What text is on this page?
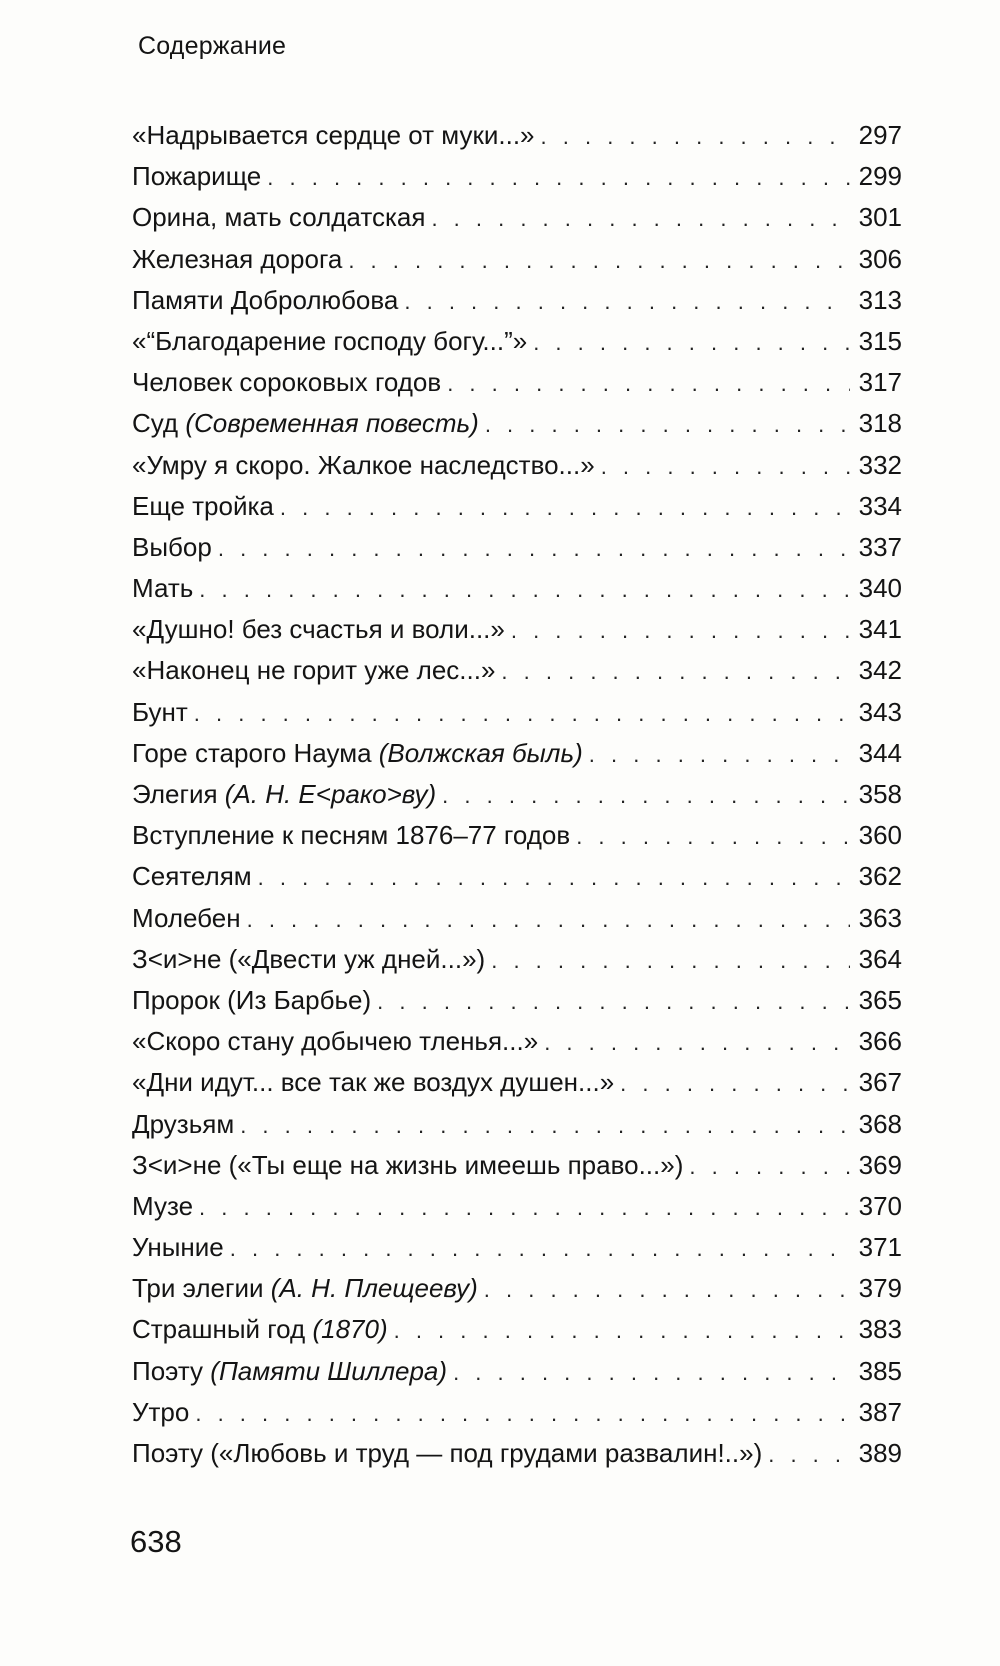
Содержание
«Надрывается сердце от муки...» . . .	297
Пожарище . . .	299
Орина, мать солдатская . . .	301
Железная дорога . . .	306
Памяти Добролюбова . . .	313
«“Благодарение господу богу...”» . . .	315
Человек сороковых годов . . .	317
Суд (Современная повесть) . . .	318
«Умру я скоро. Жалкое наследство...» . . .	332
Еще тройка . . .	334
Выбор . . .	337
Мать . . .	340
«Душно! без счастья и воли...» . . .	341
«Наконец не горит уже лес...» . . .	342
Бунт . . .	343
Горе старого Наума (Волжская быль) . . .	344
Элегия (А. Н. Е<рако>ву) . . .	358
Вступление к песням 1876–77 годов . . .	360
Сеятелям . . .	362
Молебен . . .	363
З<и>не («Двести уж дней...») . . .	364
Пророк (Из Барбье) . . .	365
«Скоро стану добычею тленья...» . . .	366
«Дни идут... все так же воздух душен...» . . .	367
Друзьям . . .	368
З<и>не («Ты еще на жизнь имеешь право...») . . .	369
Музе . . .	370
Уныние . . .	371
Три элегии (А. Н. Плещееву) . . .	379
Страшный год (1870) . . .	383
Поэту (Памяти Шиллера) . . .	385
Утро . . .	387
Поэту («Любовь и труд — под грудами развалин!..») . . .	389
638
